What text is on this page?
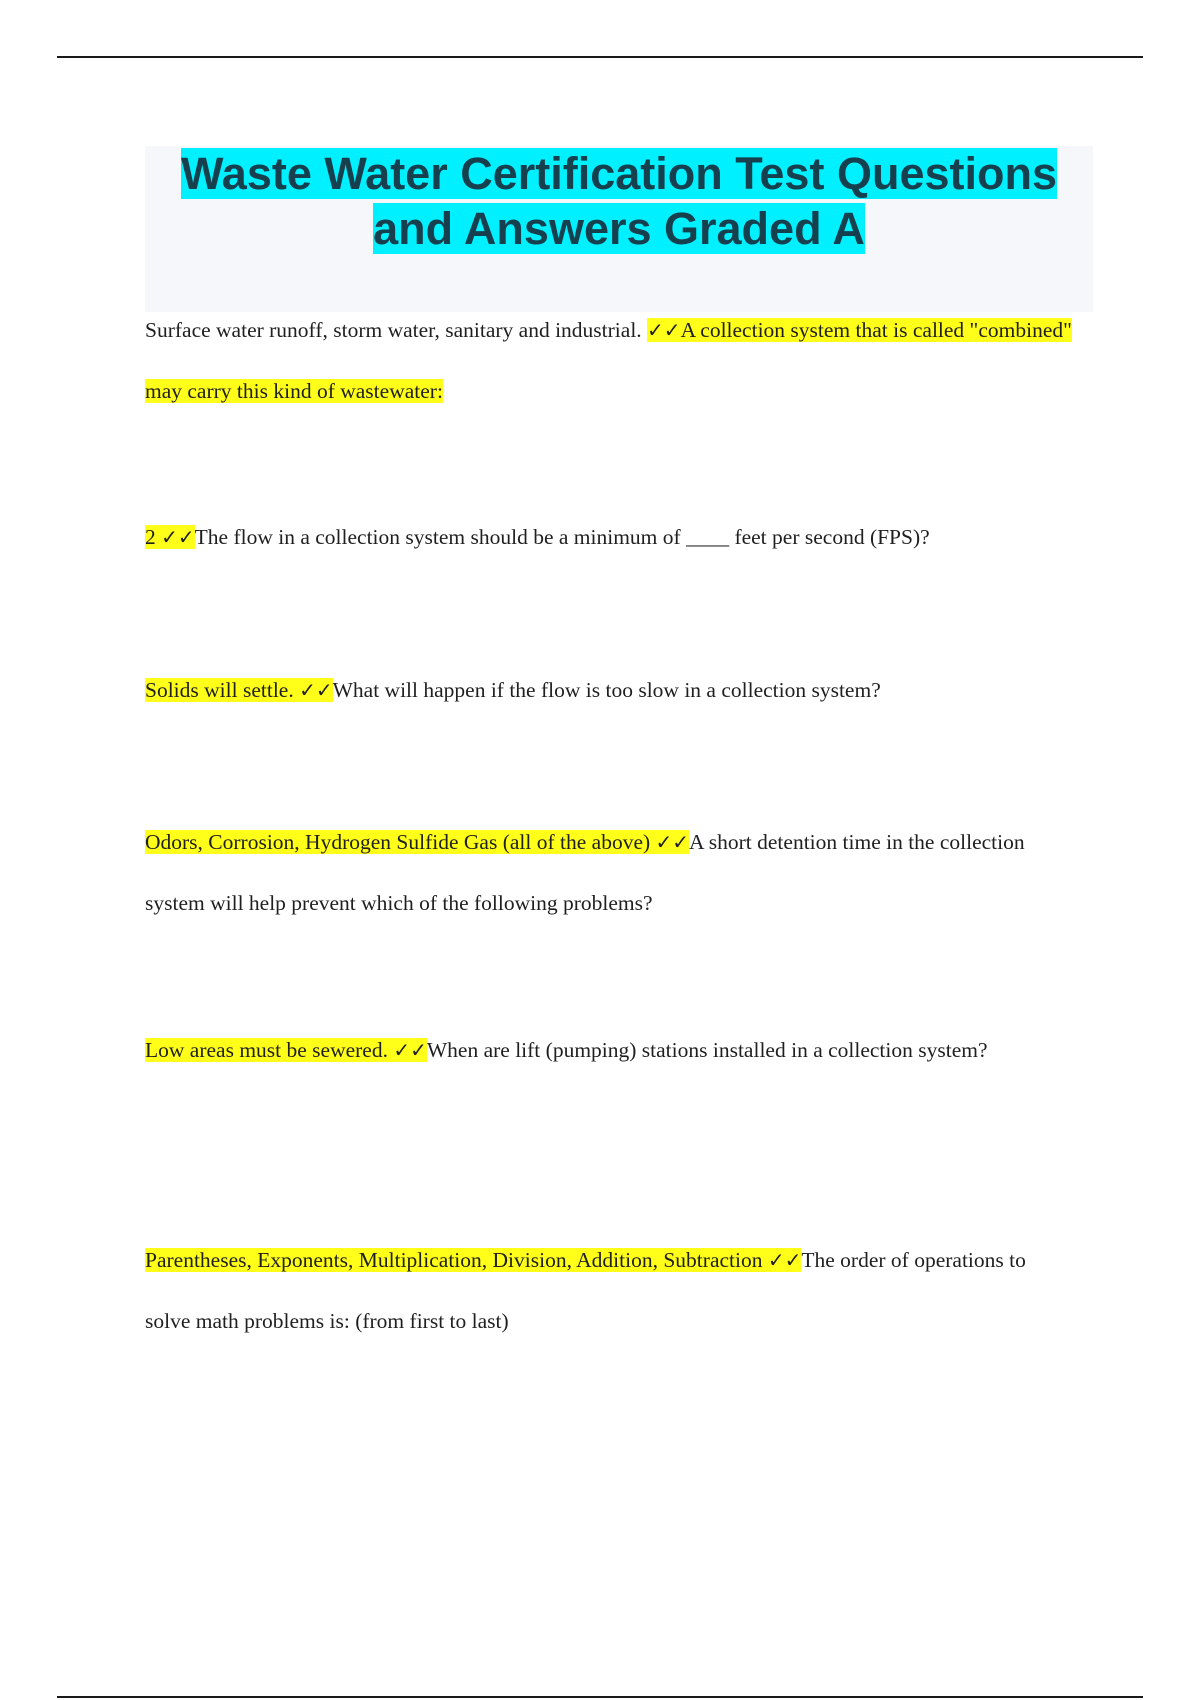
Waste Water Certification Test Questions and Answers Graded A

Surface water runoff, storm water, sanitary and industrial. ✓✓A collection system that is called "combined" may carry this kind of wastewater:

2 ✓✓The flow in a collection system should be a minimum of ____ feet per second (FPS)?

Solids will settle. ✓✓What will happen if the flow is too slow in a collection system?

Odors, Corrosion, Hydrogen Sulfide Gas (all of the above) ✓✓A short detention time in the collection system will help prevent which of the following problems?

Low areas must be sewered. ✓✓When are lift (pumping) stations installed in a collection system?

Parentheses, Exponents, Multiplication, Division, Addition, Subtraction ✓✓The order of operations to solve math problems is: (from first to last)
